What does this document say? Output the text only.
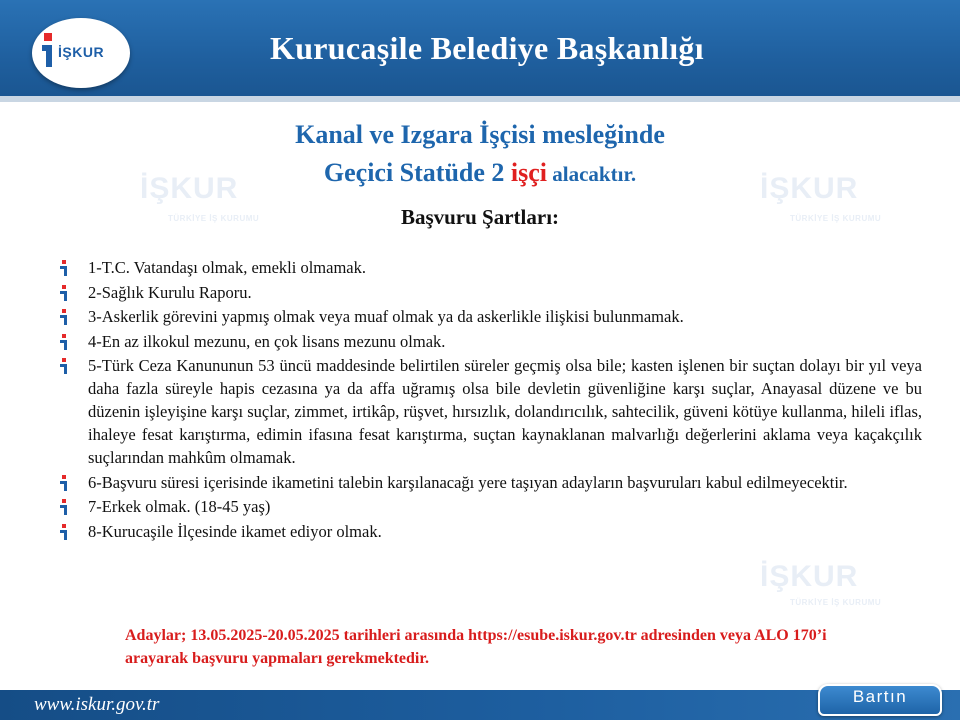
İŞKUR	Kurucaşile Belediye Başkanlığı
İŞKUR
TÜRKİYE İŞ KURUMU
İŞKUR
TÜRKİYE İŞ KURUMU
İŞKUR
TÜRKİYE İŞ KURUMU
Kanal ve Izgara İşçisi mesleğinde
Geçici Statüde 2 işçi alacaktır.
Başvuru Şartları:
1-T.C. Vatandaşı olmak, emekli olmamak.
2-Sağlık Kurulu Raporu.
3-Askerlik görevini yapmış olmak veya muaf olmak ya da askerlikle ilişkisi bulunmamak.
4-En az ilkokul mezunu, en çok lisans mezunu olmak.
5-Türk Ceza Kanununun 53 üncü maddesinde belirtilen süreler geçmiş olsa bile; kasten işlenen bir suçtan dolayı bir yıl veya daha fazla süreyle hapis cezasına ya da affa uğramış olsa bile devletin güvenliğine karşı suçlar, Anayasal düzene ve bu düzenin işleyişine karşı suçlar, zimmet, irtikâp, rüşvet, hırsızlık, dolandırıcılık, sahtecilik, güveni kötüye kullanma, hileli iflas, ihaleye fesat karıştırma, edimin ifasına fesat karıştırma, suçtan kaynaklanan malvarlığı değerlerini aklama veya kaçakçılık suçlarından mahkûm olmamak.
6-Başvuru süresi içerisinde ikametini talebin karşılanacağı yere taşıyan adayların başvuruları kabul edilmeyecektir.
7-Erkek olmak. (18-45 yaş)
8-Kurucaşile İlçesinde ikamet ediyor olmak.
Adaylar; 13.05.2025-20.05.2025 tarihleri arasında https://esube.iskur.gov.tr adresinden veya ALO 170’i arayarak başvuru yapmaları gerekmektedir.
www.iskur.gov.tr	Bartın
